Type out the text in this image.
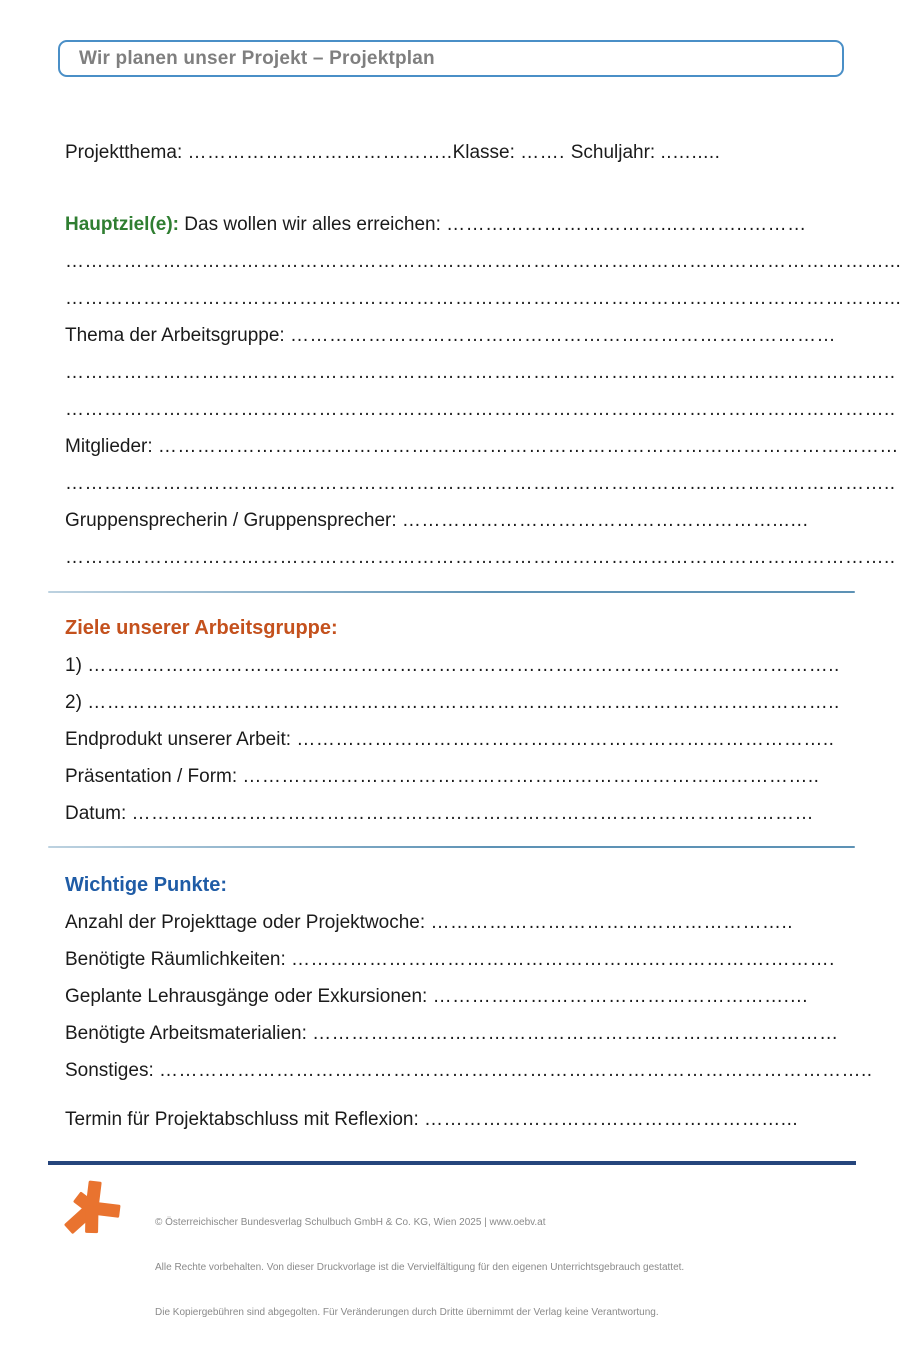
Wir planen unser Projekt – Projektplan
Projektthema: …………………………………..Klasse: ……. Schuljahr: ..….....
Hauptziel(e): Das wollen wir alles erreichen: ……………………………...………..………
………………………………………………………………………………………………………………...
………………………………………………………………………………………………………………...
Thema der Arbeitsgruppe: …………………………………………………………………………
………………………………………………………………………………………………………………..
………………………………………………………………………………………………………………..
Mitglieder: ……………………………………………………………………………………………………
………………………………………………………………………………………………………………..
Gruppensprecherin / Gruppensprecher: …………………………………………………...…
………………………………………………………………………………………………………………..
Ziele unserer Arbeitsgruppe:
1) ……………………………………………………………………………………………………..
2) ……………………………………………………………………………………………………..
Endprodukt unserer Arbeit: ………………………………………………………………………..
Präsentation / Form: ……………………………………………………………………………..
Datum: ……………………………………………………………………………………………
Wichtige Punkte:
Anzahl der Projekttage oder Projektwoche: ………………………………………………..
Benötigte Räumlichkeiten: ……………………………………………….……………….……….
Geplante Lehrausgänge oder Exkursionen: ……………………………………………….…
Benötigte Arbeitsmaterialien: ………………………………………………………………………
Sonstiges: ………………………………………………………………………………………………..
Termin für Projektabschluss mit Reflexion: ………………………….……………………...

© Österreichischer Bundesverlag Schulbuch GmbH & Co. KG, Wien 2025 | www.oebv.at

Alle Rechte vorbehalten. Von dieser Druckvorlage ist die Vervielfältigung für den eigenen Unterrichtsgebrauch gestattet.

Die Kopiergebühren sind abgegolten. Für Veränderungen durch Dritte übernimmt der Verlag keine Verantwortung.
